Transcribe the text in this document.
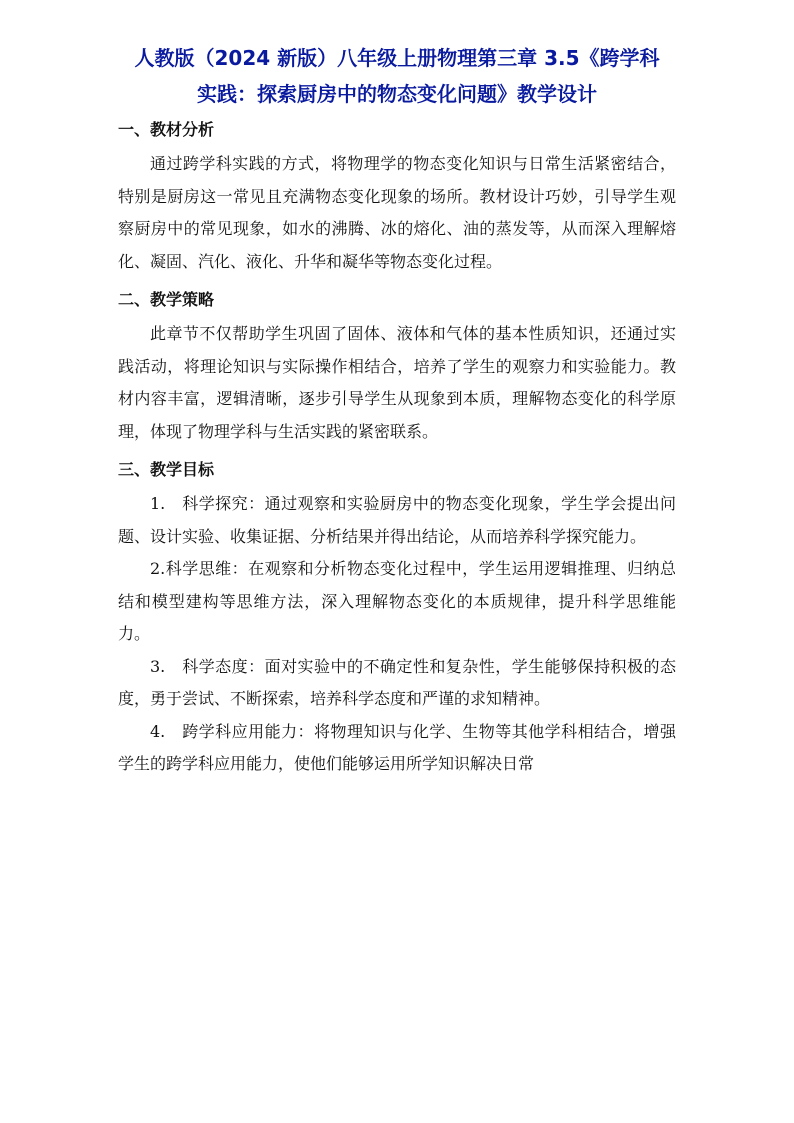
人教版（2024 新版）八年级上册物理第三章 3.5《跨学科
实践：探索厨房中的物态变化问题》教学设计
一、教材分析

通过跨学科实践的方式，将物理学的物态变化知识与日常生活紧密结合，特别是厨房这一常见且充满物态变化现象的场所。教材设计巧妙，引导学生观察厨房中的常见现象，如水的沸腾、冰的熔化、油的蒸发等，从而深入理解熔化、凝固、汽化、液化、升华和凝华等物态变化过程。

二、教学策略

此章节不仅帮助学生巩固了固体、液体和气体的基本性质知识，还通过实践活动，将理论知识与实际操作相结合，培养了学生的观察力和实验能力。教材内容丰富，逻辑清晰，逐步引导学生从现象到本质，理解物态变化的科学原理，体现了物理学科与生活实践的紧密联系。

三、教学目标

1.　科学探究：通过观察和实验厨房中的物态变化现象，学生学会提出问题、设计实验、收集证据、分析结果并得出结论，从而培养科学探究能力。

2.科学思维：在观察和分析物态变化过程中，学生运用逻辑推理、归纳总结和模型建构等思维方法，深入理解物态变化的本质规律，提升科学思维能力。

3.　科学态度：面对实验中的不确定性和复杂性，学生能够保持积极的态度，勇于尝试、不断探索，培养科学态度和严谨的求知精神。

4.　跨学科应用能力：将物理知识与化学、生物等其他学科相结合，增强学生的跨学科应用能力，使他们能够运用所学知识解决日常
